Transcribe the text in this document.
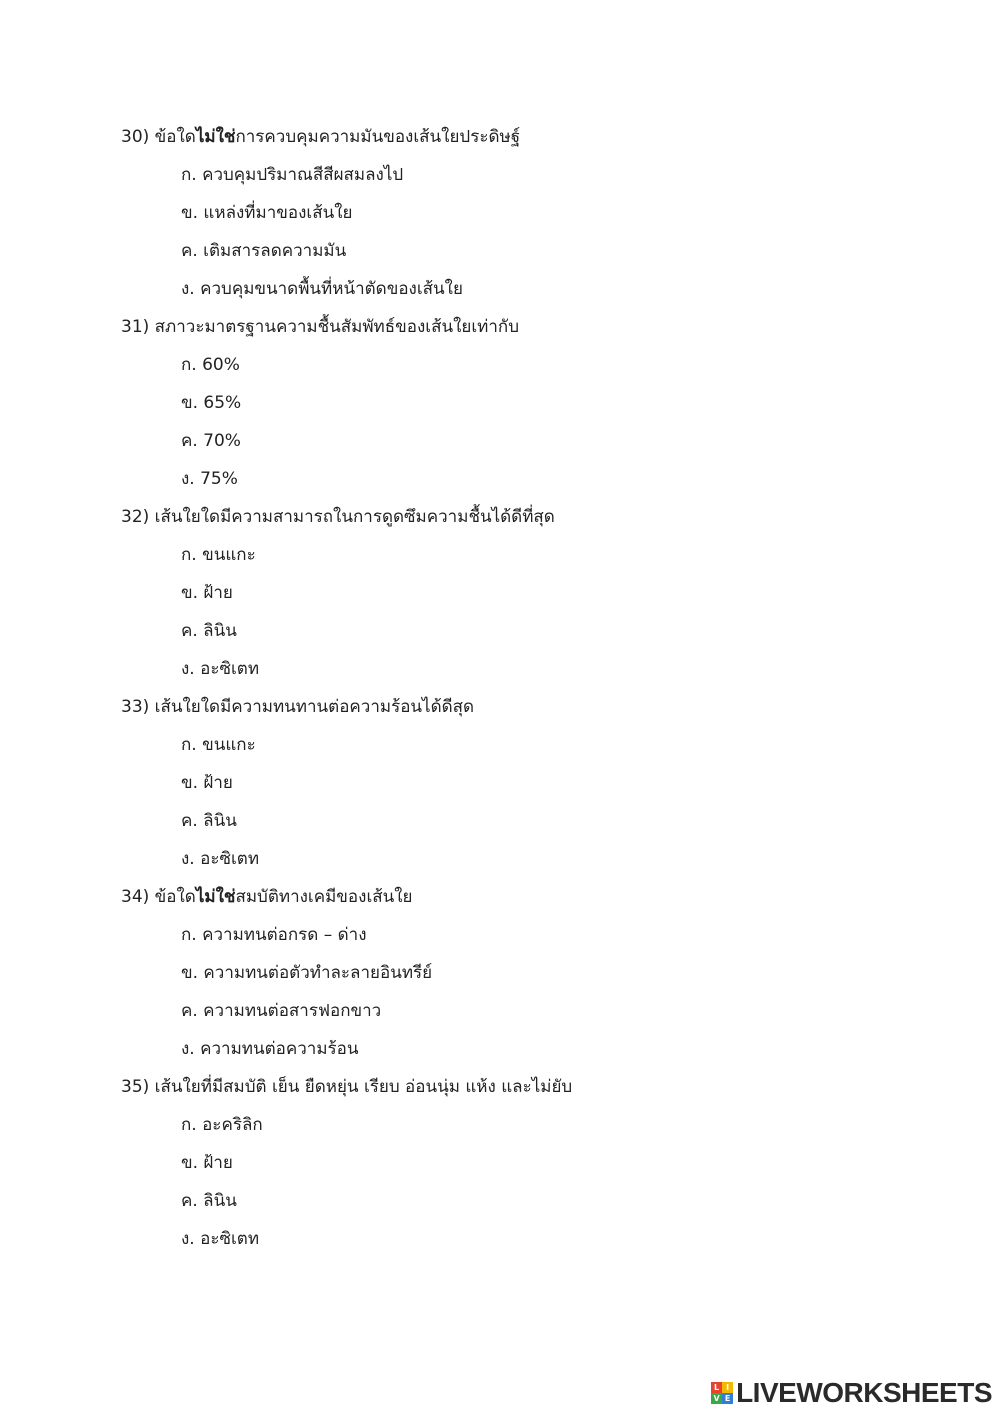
30) ข้อใดไม่ใช่การควบคุมความมันของเส้นใยประดิษฐ์
ก. ควบคุมปริมาณสีสีผสมลงไป
ข. แหล่งที่มาของเส้นใย
ค. เติมสารลดความมัน
ง. ควบคุมขนาดพื้นที่หน้าตัดของเส้นใย
31) สภาวะมาตรฐานความชื้นสัมพัทธ์ของเส้นใยเท่ากับ
ก. 60%
ข. 65%
ค. 70%
ง. 75%
32) เส้นใยใดมีความสามารถในการดูดซึมความชื้นได้ดีที่สุด
ก. ขนแกะ
ข. ฝ้าย
ค. ลินิน
ง. อะซิเตท
33) เส้นใยใดมีความทนทานต่อความร้อนได้ดีสุด
ก. ขนแกะ
ข. ฝ้าย
ค. ลินิน
ง. อะซิเตท
34) ข้อใดไม่ใช่สมบัติทางเคมีของเส้นใย
ก. ความทนต่อกรด – ด่าง
ข. ความทนต่อตัวทำละลายอินทรีย์
ค. ความทนต่อสารฟอกขาว
ง. ความทนต่อความร้อน
35) เส้นใยที่มีสมบัติ เย็น ยืดหยุ่น เรียบ อ่อนนุ่ม แห้ง และไม่ยับ
ก. อะคริลิก
ข. ฝ้าย
ค. ลินิน
ง. อะซิเตท
L I
V E LIVEWORKSHEETS
